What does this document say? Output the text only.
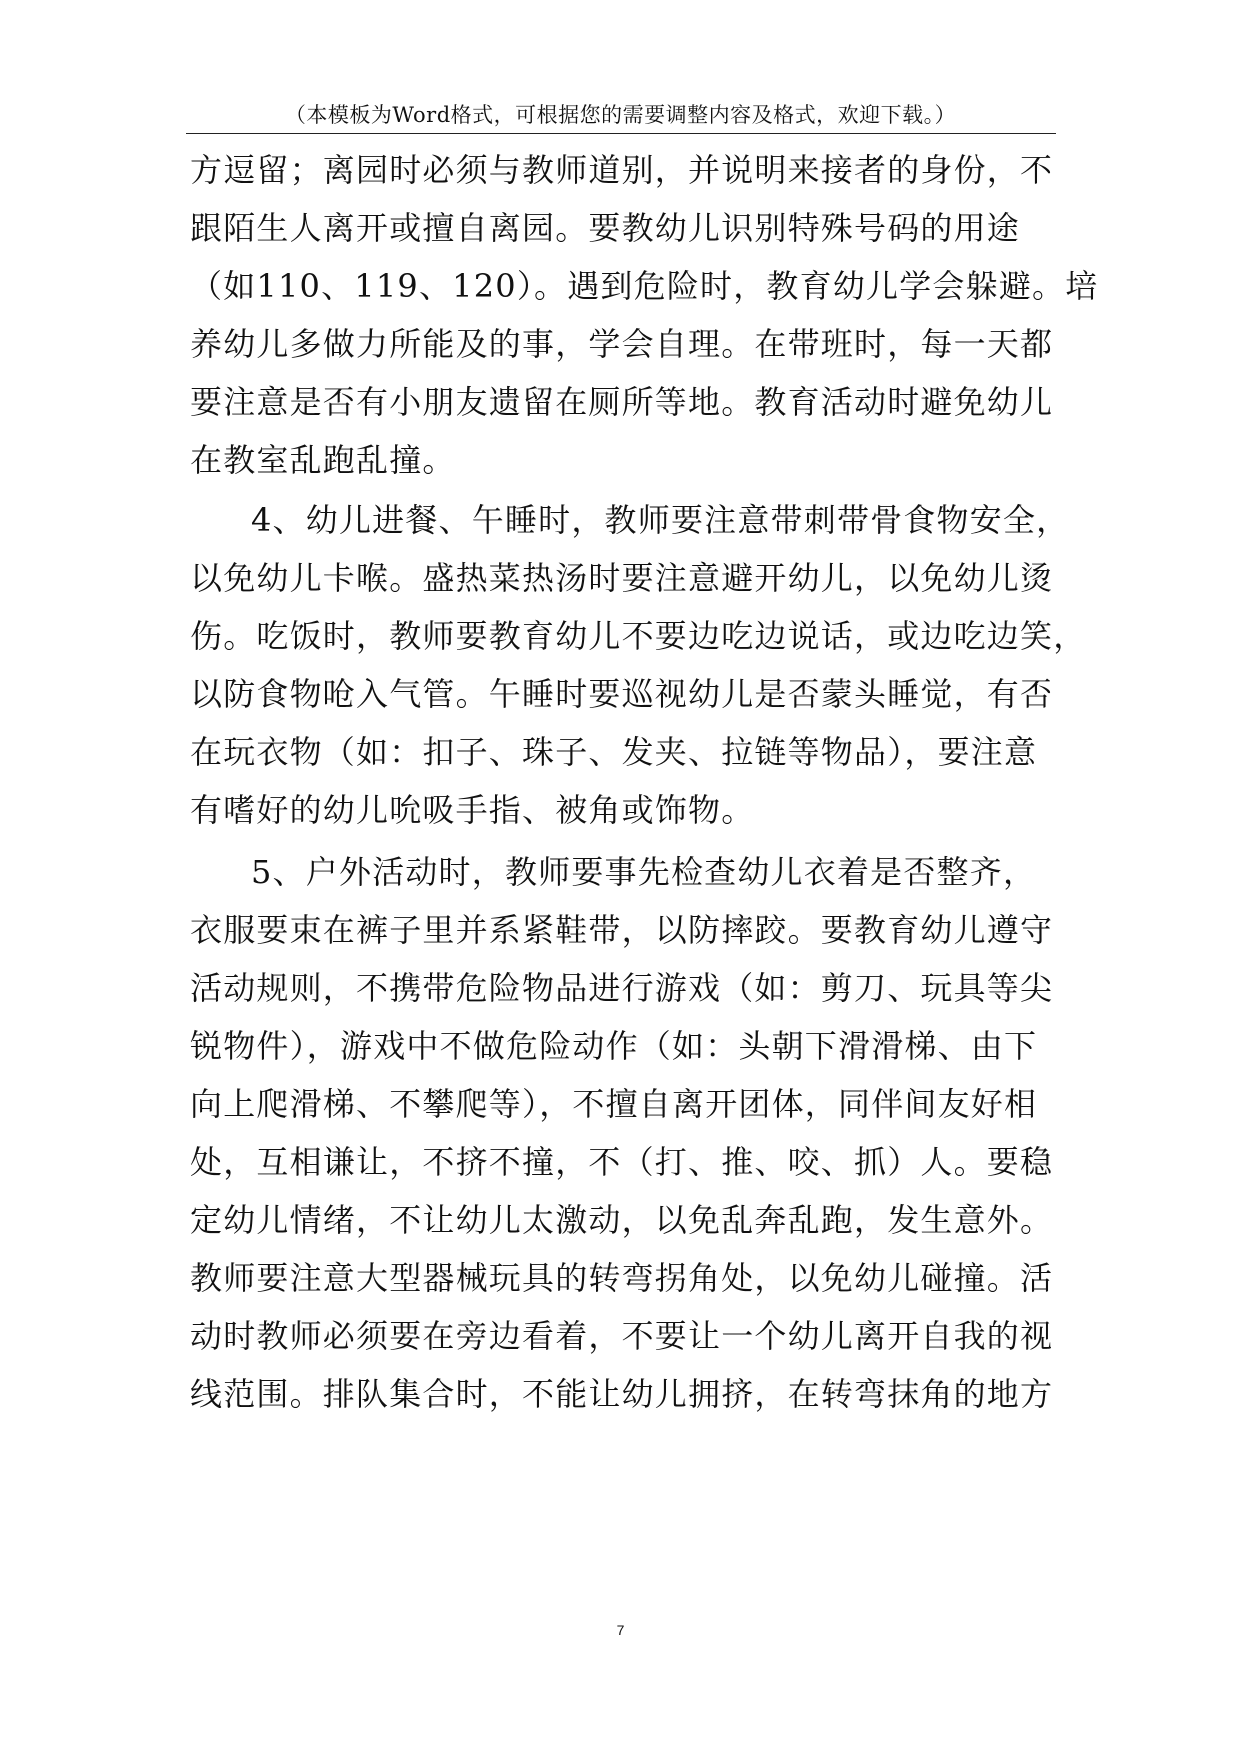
（本模板为Word格式，可根据您的需要调整内容及格式，欢迎下载。）
方逗留；离园时必须与教师道别，并说明来接者的身份，不
跟陌生人离开或擅自离园。要教幼儿识别特殊号码的用途
（如110、119、120）。遇到危险时，教育幼儿学会躲避。培
养幼儿多做力所能及的事，学会自理。在带班时，每一天都
要注意是否有小朋友遗留在厕所等地。教育活动时避免幼儿
在教室乱跑乱撞。
4、幼儿进餐、午睡时，教师要注意带刺带骨食物安全，
以免幼儿卡喉。盛热菜热汤时要注意避开幼儿，以免幼儿烫
伤。吃饭时，教师要教育幼儿不要边吃边说话，或边吃边笑，
以防食物呛入气管。午睡时要巡视幼儿是否蒙头睡觉，有否
在玩衣物（如：扣子、珠子、发夹、拉链等物品），要注意
有嗜好的幼儿吮吸手指、被角或饰物。
5、户外活动时，教师要事先检查幼儿衣着是否整齐，
衣服要束在裤子里并系紧鞋带，以防摔跤。要教育幼儿遵守
活动规则，不携带危险物品进行游戏（如：剪刀、玩具等尖
锐物件），游戏中不做危险动作（如：头朝下滑滑梯、由下
向上爬滑梯、不攀爬等），不擅自离开团体，同伴间友好相
处，互相谦让，不挤不撞，不（打、推、咬、抓）人。要稳
定幼儿情绪，不让幼儿太激动，以免乱奔乱跑，发生意外。
教师要注意大型器械玩具的转弯拐角处，以免幼儿碰撞。活
动时教师必须要在旁边看着，不要让一个幼儿离开自我的视
线范围。排队集合时，不能让幼儿拥挤，在转弯抹角的地方
7
